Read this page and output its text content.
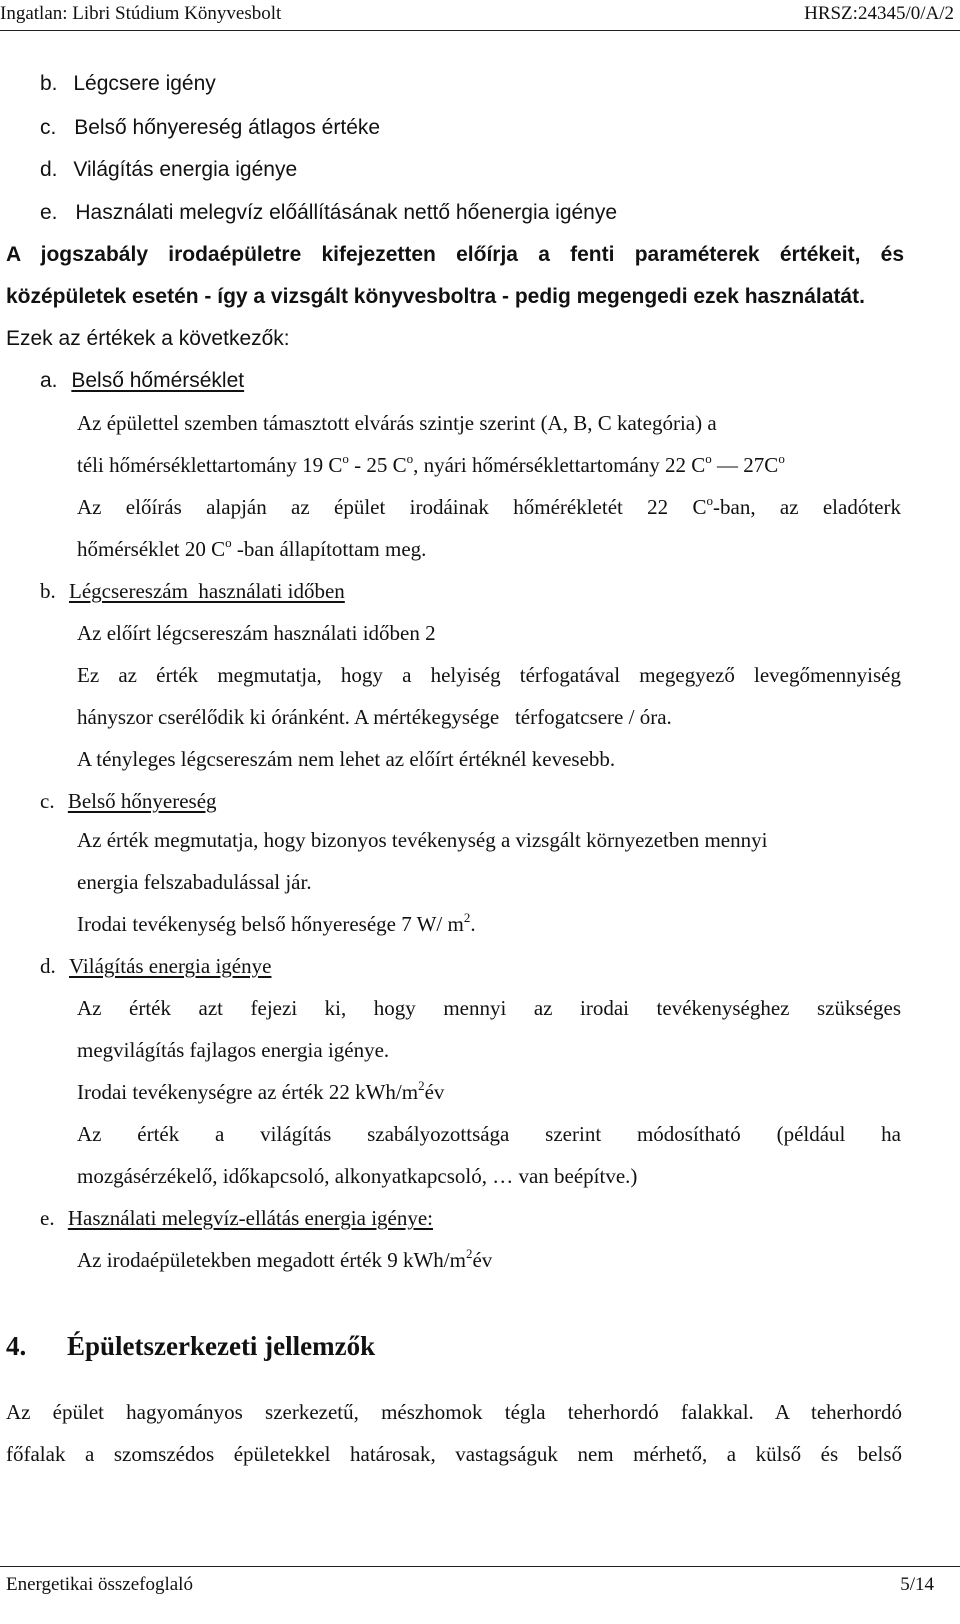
Ingatlan: Libri Stúdium Könyvesbolt	HRSZ:24345/0/A/2
b. Légcsere igény
c. Belső hőnyereség átlagos értéke
d. Világítás energia igénye
e. Használati melegvíz előállításának nettő hőenergia igénye
A jogszabály irodaépületre kifejezetten előírja a fenti paraméterek értékeit, és
középületek esetén - így a vizsgált könyvesboltra - pedig megengedi ezek használatát.
Ezek az értékek a következők:
a. Belső hőmérséklet
Az épülettel szemben támasztott elvárás szintje szerint (A, B, C kategória) a
téli hőmérséklettartomány 19 $C^o - 25$ $C^o$, nyári hőmérséklettartomány 22 $C^o$ — $27C^o$
Az előírás alapján az épület irodáinak hőmérékletét 22 $C^o$-ban, az eladóterk
hőmérséklet 20 $C^o$ -ban állapítottam meg.
b. Légcsereszám  használati időben
Az előírt légcsereszám használati időben 2
Ez az érték megmutatja, hogy a helyiség térfogatával megegyező levegőmennyiség
hányszor cserélődik ki óránként. A mértékegysége   térfogatcsere / óra.
A tényleges légcsereszám nem lehet az előírt értéknél kevesebb.
c. Belső hőnyereség
Az érték megmutatja, hogy bizonyos tevékenység a vizsgált környezetben mennyi
energia felszabadulással jár.
Irodai tevékenység belső hőnyeresége 7 W/ $m^2$.
d. Világítás energia igénye
Az érték azt fejezi ki, hogy mennyi az irodai tevékenységhez szükséges
megvilágítás fajlagos energia igénye.
Irodai tevékenységre az érték 22 kWh/$m^2év$
Az érték a világítás szabályozottsága szerint módosítható (például ha
mozgásérzékelő, időkapcsoló, alkonyatkapcsoló, … van beépítve.)
e. Használati melegvíz-ellátás energia igénye:
Az irodaépületekben megadott érték 9 kWh/$m^2év$
4. Épületszerkezeti jellemzők
Az épület hagyományos szerkezetű, mészhomok tégla teherhordó falakkal. A teherhordó
főfalak a szomszédos épületekkel határosak, vastagságuk nem mérhető, a külső és belső
Energetikai összefoglaló	5/14
